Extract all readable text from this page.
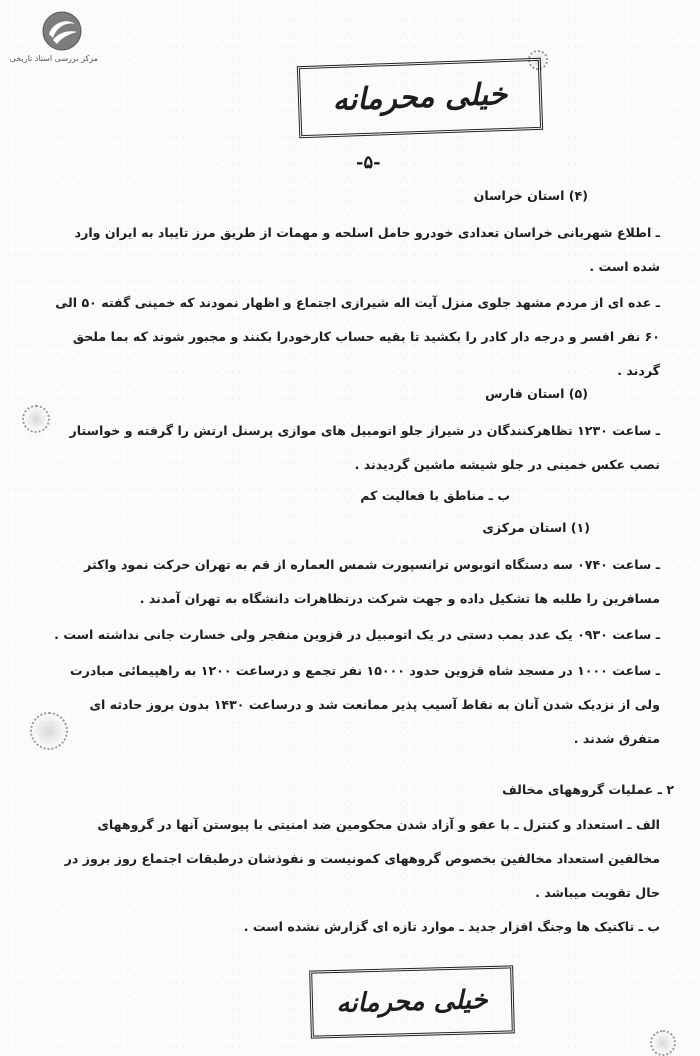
مرکز بررسی اسناد تاریخی
خیلی محرمانه
-۵-
(۴) استان خراسان

ـ اطلاع شهربانی خراسان تعدادی خودرو حامل اسلحه و مهمات از طریق مرز تایباد به ایران وارد شده است .

ـ عده ای از مردم مشهد جلوی منزل آیت اله شیرازی اجتماع و اظهار نمودند که خمینی گفته ۵۰ الی ۶۰ نفر افسر و درجه دار کادر را بکشید تا بقیه حساب کارخودرا بکنند و مجبور شوند که بما ملحق گردند .

(۵) استان فارس

ـ ساعت ۱۲۳۰ تظاهرکنندگان در شیراز جلو اتومبیل های موازی پرسنل ارتش را گرفته و خواستار نصب عکس خمینی در جلو شیشه ماشین گردیدند .

ب ـ مناطق با فعالیت کم
(۱) استان مرکزی

ـ ساعت ۰۷۴۰ سه دستگاه اتوبوس ترانسپورت شمس العماره از قم به تهران حرکت نمود واکثر مسافرین را طلبه ها تشکیل داده و جهت شرکت درتظاهرات دانشگاه به تهران آمدند .

ـ ساعت ۰۹۳۰ یک عدد بمب دستی در یک اتومبیل در قزوین منفجر ولی خسارت جانی نداشته است .

ـ ساعت ۱۰۰۰ در مسجد شاه قزوین حدود ۱۵۰۰۰ نفر تجمع و درساعت ۱۲۰۰ به راهپیمائی مبادرت ولی از نزدیک شدن آنان به نقاط آسیب پذیر ممانعت شد و درساعت ۱۴۳۰ بدون بروز حادثه ای متفرق شدند .

۲ ـ عملیات گروههای مخالف

الف ـ استعداد و کنترل ـ با عفو و آزاد شدن محکومین ضد امنیتی با پیوستن آنها در گروههای مخالفین استعداد مخالفین بخصوص گروههای کمونیست و نفوذشان درطبقات اجتماع روز بروز در حال تقویت میباشد .

ب ـ تاکتیک ها وجنگ افزار جدید ـ موارد تازه ای گزارش نشده است .

خیلی محرمانه
